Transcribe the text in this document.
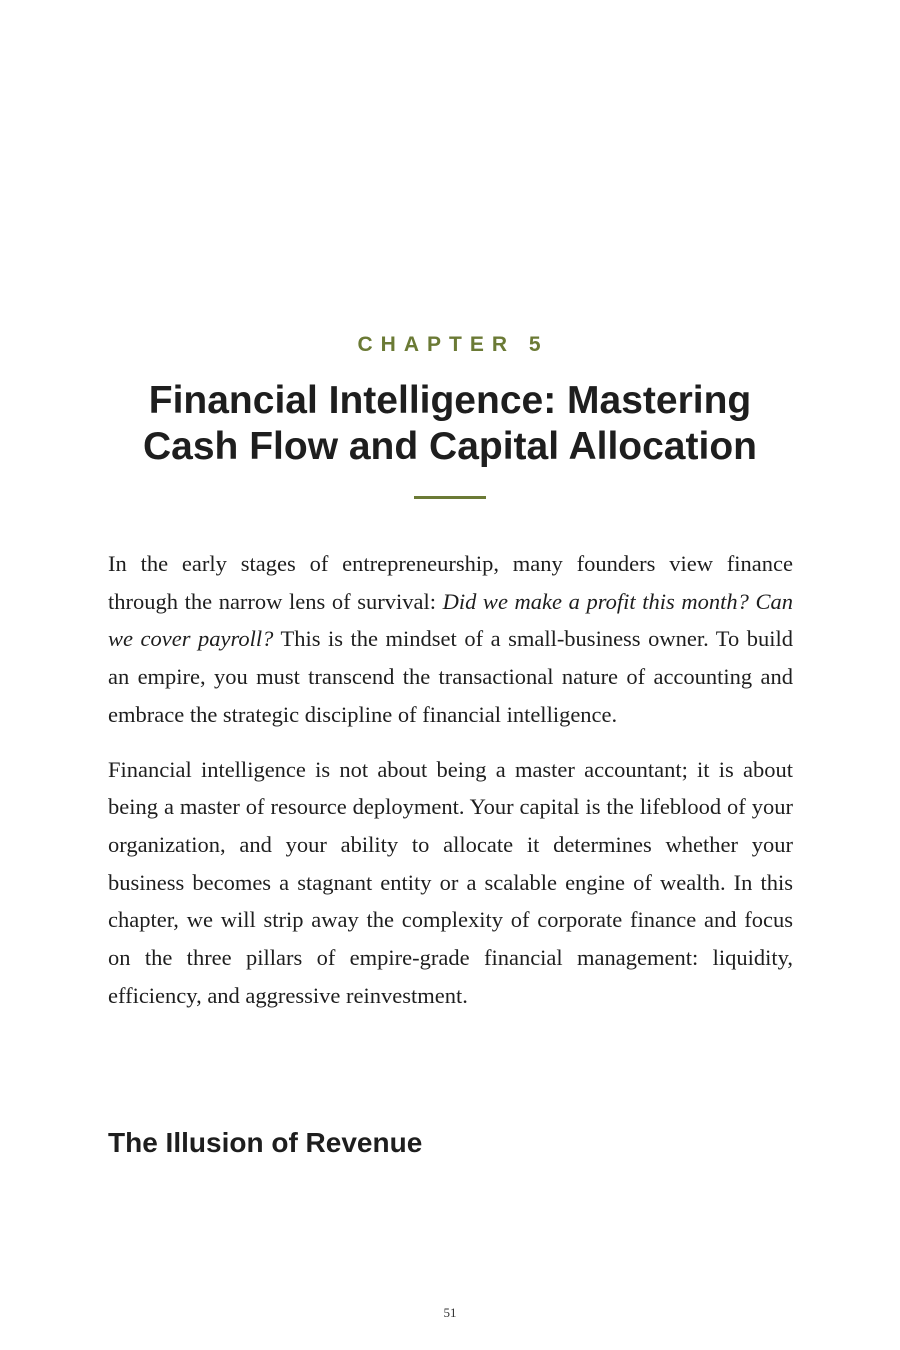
CHAPTER 5
Financial Intelligence: Mastering Cash Flow and Capital Allocation

In the early stages of entrepreneurship, many founders view finance through the narrow lens of survival: Did we make a profit this month? Can we cover payroll? This is the mindset of a small-business owner. To build an empire, you must transcend the transactional nature of accounting and embrace the strategic discipline of financial intelligence.

Financial intelligence is not about being a master accountant; it is about being a master of resource deployment. Your capital is the lifeblood of your organization, and your ability to allocate it determines whether your business becomes a stagnant entity or a scalable engine of wealth. In this chapter, we will strip away the complexity of corporate finance and focus on the three pillars of empire-grade financial management: liquidity, efficiency, and aggressive reinvestment.

The Illusion of Revenue
51
